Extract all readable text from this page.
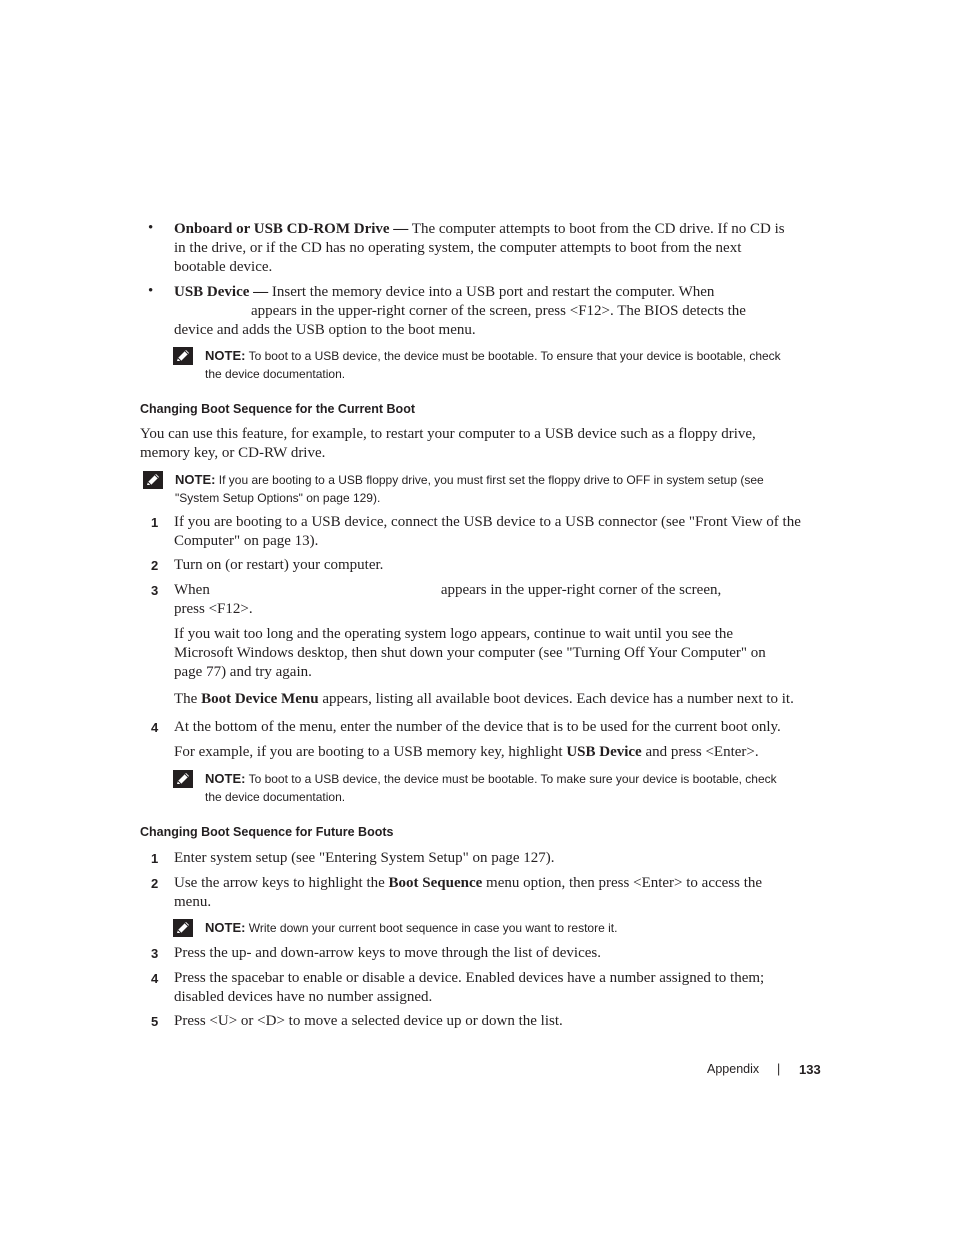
• Onboard or USB CD-ROM Drive — The computer attempts to boot from the CD drive. If no CD is
in the drive, or if the CD has no operating system, the computer attempts to boot from the next
bootable device.
• USB Device — Insert the memory device into a USB port and restart the computer. When
appears in the upper-right corner of the screen, press <F12>. The BIOS detects the
device and adds the USB option to the boot menu.
NOTE: To boot to a USB device, the device must be bootable. To ensure that your device is bootable, check
the device documentation.
Changing Boot Sequence for the Current Boot
You can use this feature, for example, to restart your computer to a USB device such as a floppy drive,
memory key, or CD-RW drive.
NOTE: If you are booting to a USB floppy drive, you must first set the floppy drive to OFF in system setup (see
"System Setup Options" on page 129).
1 If you are booting to a USB device, connect the USB device to a USB connector (see "Front View of the
Computer" on page 13).
2 Turn on (or restart) your computer.
3 When	appears in the upper-right corner of the screen,
press <F12>.
If you wait too long and the operating system logo appears, continue to wait until you see the
Microsoft Windows desktop, then shut down your computer (see "Turning Off Your Computer" on
page 77) and try again.
The Boot Device Menu appears, listing all available boot devices. Each device has a number next to it.
4 At the bottom of the menu, enter the number of the device that is to be used for the current boot only.
For example, if you are booting to a USB memory key, highlight USB Device and press <Enter>.
NOTE: To boot to a USB device, the device must be bootable. To make sure your device is bootable, check
the device documentation.
Changing Boot Sequence for Future Boots
1 Enter system setup (see "Entering System Setup" on page 127).
2 Use the arrow keys to highlight the Boot Sequence menu option, then press <Enter> to access the
menu.
NOTE: Write down your current boot sequence in case you want to restore it.
3 Press the up- and down-arrow keys to move through the list of devices.
4 Press the spacebar to enable or disable a device. Enabled devices have a number assigned to them;
disabled devices have no number assigned.
5 Press <U> or <D> to move a selected device up or down the list.
Appendix | 133
